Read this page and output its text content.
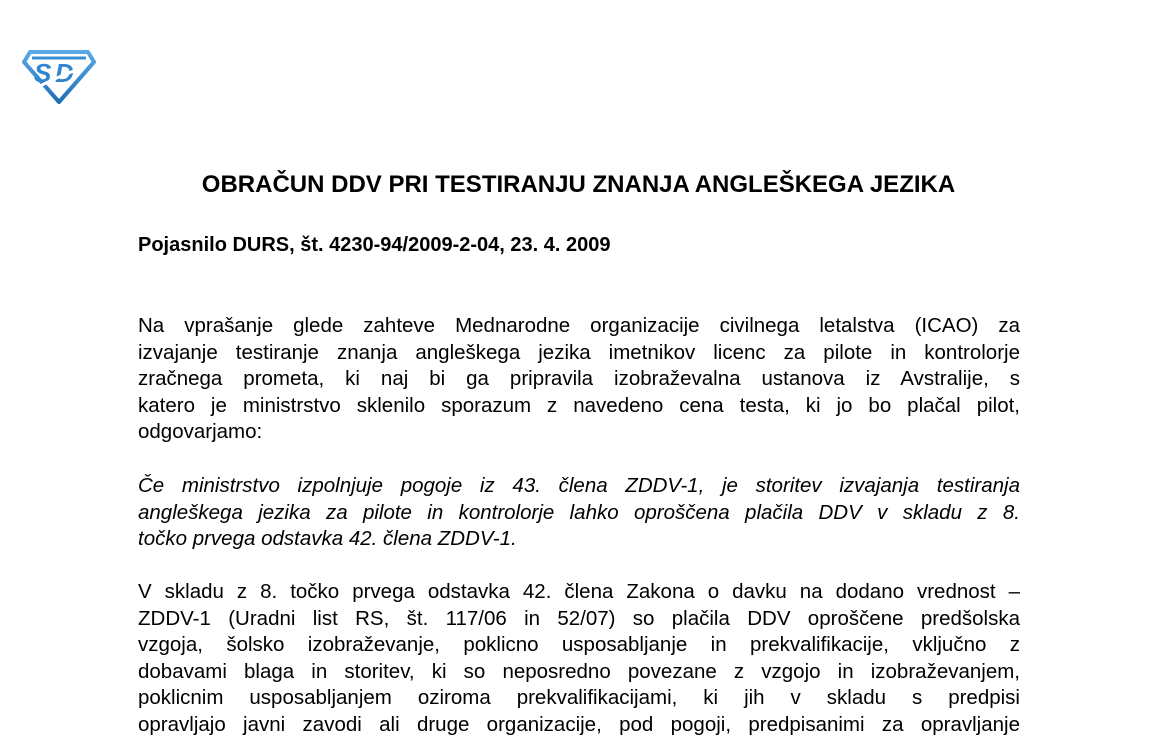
S D
OBRAČUN DDV PRI TESTIRANJU ZNANJA ANGLEŠKEGA JEZIKA

Pojasnilo DURS, št. 4230-94/2009-2-04, 23. 4. 2009

Na vprašanje glede zahteve Mednarodne organizacije civilnega letalstva (ICAO) za
izvajanje testiranje znanja angleškega jezika imetnikov licenc za pilote in kontrolorje
zračnega prometa, ki naj bi ga pripravila izobraževalna ustanova iz Avstralije, s
katero je ministrstvo sklenilo sporazum z navedeno cena testa, ki jo bo plačal pilot,
odgovarjamo:

Če ministrstvo izpolnjuje pogoje iz 43. člena ZDDV-1, je storitev izvajanja testiranja
angleškega jezika za pilote in kontrolorje lahko oproščena plačila DDV v skladu z 8.
točko prvega odstavka 42. člena ZDDV-1.

V skladu z 8. točko prvega odstavka 42. člena Zakona o davku na dodano vrednost –
ZDDV-1 (Uradni list RS, št. 117/06 in 52/07) so plačila DDV oproščene predšolska
vzgoja, šolsko izobraževanje, poklicno usposabljanje in prekvalifikacije, vključno z
dobavami blaga in storitev, ki so neposredno povezane z vzgojo in izobraževanjem,
poklicnim usposabljanjem oziroma prekvalifikacijami, ki jih v skladu s predpisi
opravljajo javni zavodi ali druge organizacije, pod pogoji, predpisanimi za opravljanje
